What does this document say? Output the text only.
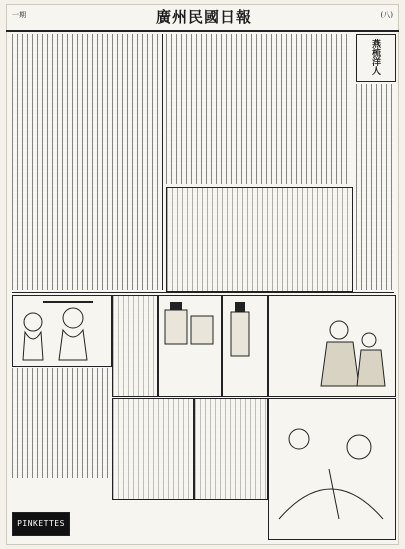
一期	廣州民國日報	(八)
燕梳洋人
PINKETTES
